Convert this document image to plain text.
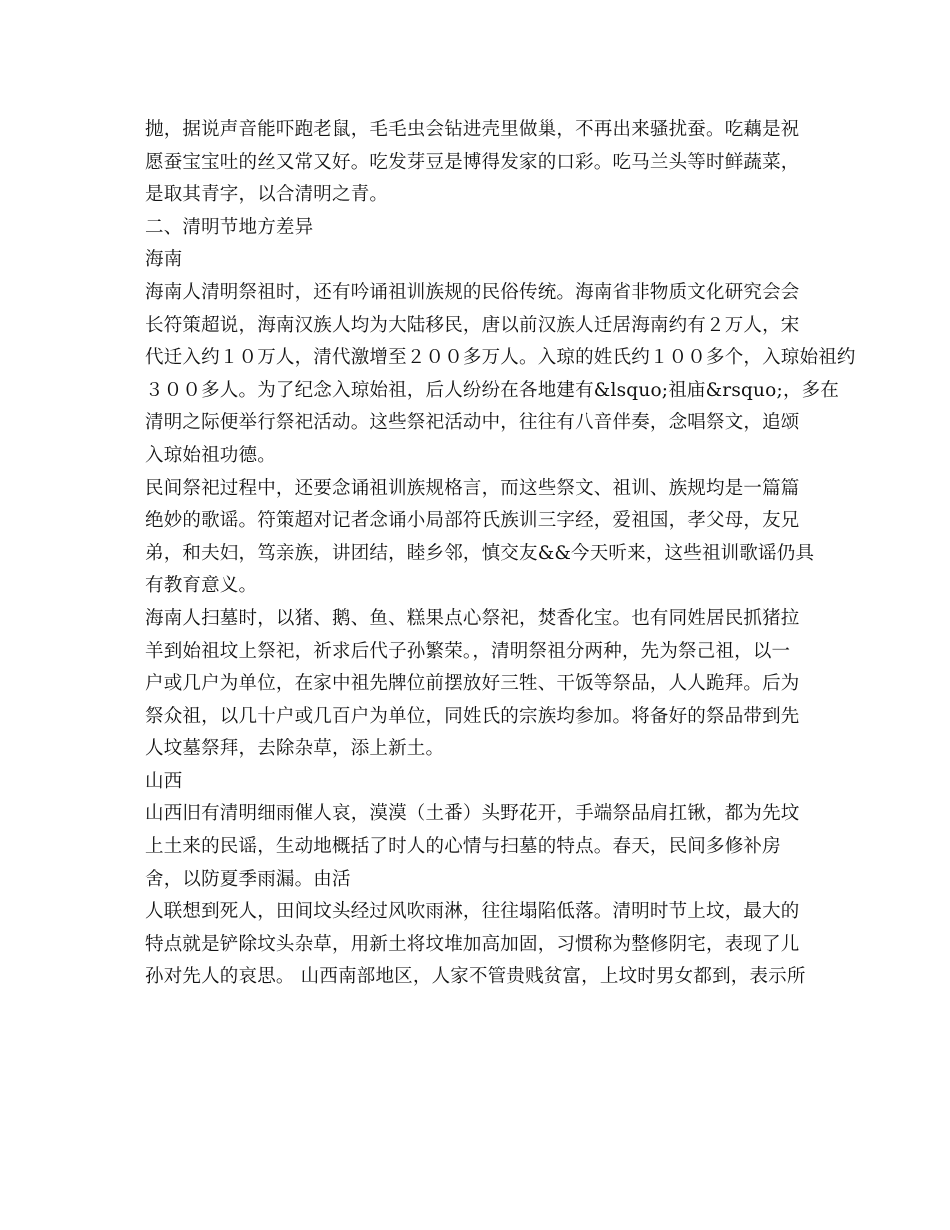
抛，据说声音能吓跑老鼠，毛毛虫会钻进壳里做巢，不再出来骚扰蚕。吃藕是祝
愿蚕宝宝吐的丝又常又好。吃发芽豆是博得发家的口彩。吃马兰头等时鲜蔬菜，
是取其青字，以合清明之青。
二、清明节地方差异
海南
海南人清明祭祖时，还有吟诵祖训族规的民俗传统。海南省非物质文化研究会会
长符策超说，海南汉族人均为大陆移民，唐以前汉族人迁居海南约有２万人，宋
代迁入约１０万人，清代激增至２００多万人。入琼的姓氏约１００多个，入琼始祖约
３００多人。为了纪念入琼始祖，后人纷纷在各地建有&lsquo;祖庙&rsquo;，多在
清明之际便举行祭祀活动。这些祭祀活动中，往往有八音伴奏，念唱祭文，追颂
入琼始祖功德。
民间祭祀过程中，还要念诵祖训族规格言，而这些祭文、祖训、族规均是一篇篇
绝妙的歌谣。符策超对记者念诵小局部符氏族训三字经，爱祖国，孝父母，友兄
弟，和夫妇，笃亲族，讲团结，睦乡邻，慎交友&&今天听来，这些祖训歌谣仍具
有教育意义。
海南人扫墓时，以猪、鹅、鱼、糕果点心祭祀，焚香化宝。也有同姓居民抓猪拉
羊到始祖坟上祭祀，祈求后代子孙繁荣。，清明祭祖分两种，先为祭己祖，以一
户或几户为单位，在家中祖先牌位前摆放好三牲、干饭等祭品，人人跪拜。后为
祭众祖，以几十户或几百户为单位，同姓氏的宗族均参加。将备好的祭品带到先
人坟墓祭拜，去除杂草，添上新土。
山西
山西旧有清明细雨催人哀，漠漠（土番）头野花开，手端祭品肩扛锹，都为先坟
上土来的民谣，生动地概括了时人的心情与扫墓的特点。春天，民间多修补房
舍，以防夏季雨漏。由活
人联想到死人，田间坟头经过风吹雨淋，往往塌陷低落。清明时节上坟，最大的
特点就是铲除坟头杂草，用新土将坟堆加高加固，习惯称为整修阴宅，表现了儿
孙对先人的哀思。 山西南部地区，人家不管贵贱贫富，上坟时男女都到，表示所
